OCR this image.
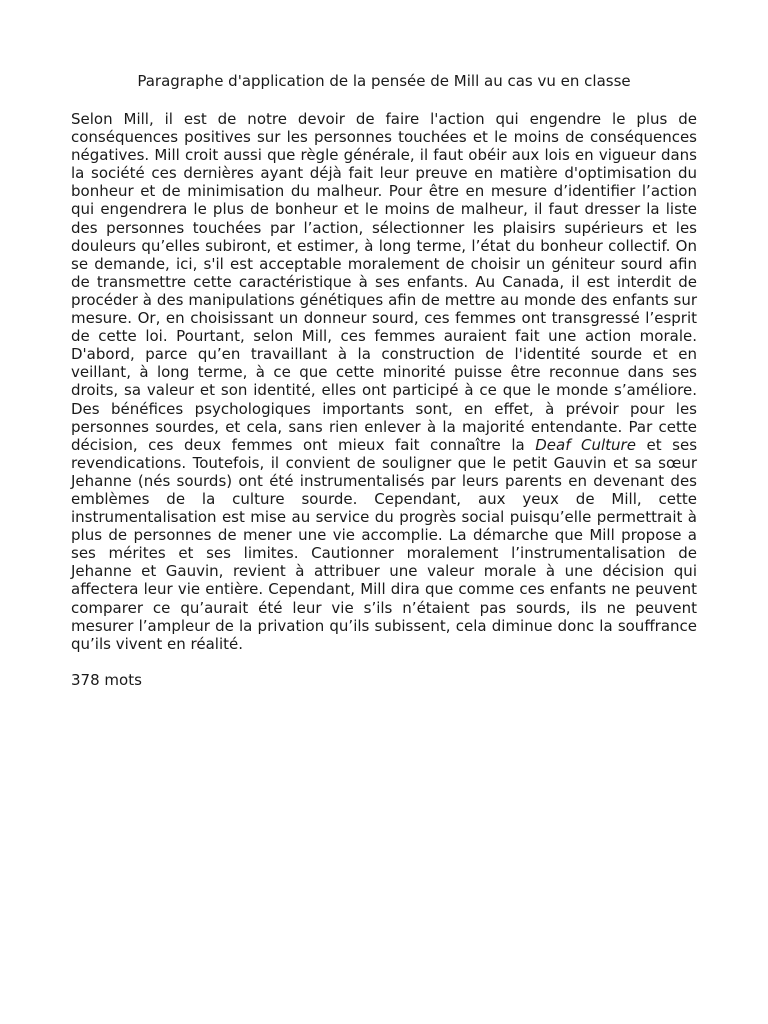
Paragraphe d'application de la pensée de Mill au cas vu en classe

Selon Mill, il est de notre devoir de faire l'action qui engendre le plus de conséquences positives sur les personnes touchées et le moins de conséquences négatives. Mill croit aussi que règle générale, il faut obéir aux lois en vigueur dans la société ces dernières ayant déjà fait leur preuve en matière d'optimisation du bonheur et de minimisation du malheur. Pour être en mesure d’identifier l’action qui engendrera le plus de bonheur et le moins de malheur, il faut dresser la liste des personnes touchées par l’action, sélectionner les plaisirs supérieurs et les douleurs qu’elles subiront, et estimer, à long terme, l’état du bonheur collectif. On se demande, ici, s'il est acceptable moralement de choisir un géniteur sourd afin de transmettre cette caractéristique à ses enfants. Au Canada, il est interdit de procéder à des manipulations génétiques afin de mettre au monde des enfants sur mesure. Or, en choisissant un donneur sourd, ces femmes ont transgressé l’esprit de cette loi. Pourtant, selon Mill, ces femmes auraient fait une action morale. D'abord, parce qu’en travaillant à la construction de l'identité sourde et en veillant, à long terme, à ce que cette minorité puisse être reconnue dans ses droits, sa valeur et son identité, elles ont participé à ce que le monde s’améliore. Des bénéfices psychologiques importants sont, en effet, à prévoir pour les personnes sourdes, et cela, sans rien enlever à la majorité entendante. Par cette décision, ces deux femmes ont mieux fait connaître la Deaf Culture et ses revendications. Toutefois, il convient de souligner que le petit Gauvin et sa sœur Jehanne (nés sourds) ont été instrumentalisés par leurs parents en devenant des emblèmes de la culture sourde. Cependant, aux yeux de Mill, cette instrumentalisation est mise au service du progrès social puisqu’elle permettrait à plus de personnes de mener une vie accomplie. La démarche que Mill propose a ses mérites et ses limites. Cautionner moralement l’instrumentalisation de Jehanne et Gauvin, revient à attribuer une valeur morale à une décision qui affectera leur vie entière. Cependant, Mill dira que comme ces enfants ne peuvent comparer ce qu’aurait été leur vie s’ils n’étaient pas sourds, ils ne peuvent mesurer l’ampleur de la privation qu’ils subissent, cela diminue donc la souffrance qu’ils vivent en réalité.

378 mots
